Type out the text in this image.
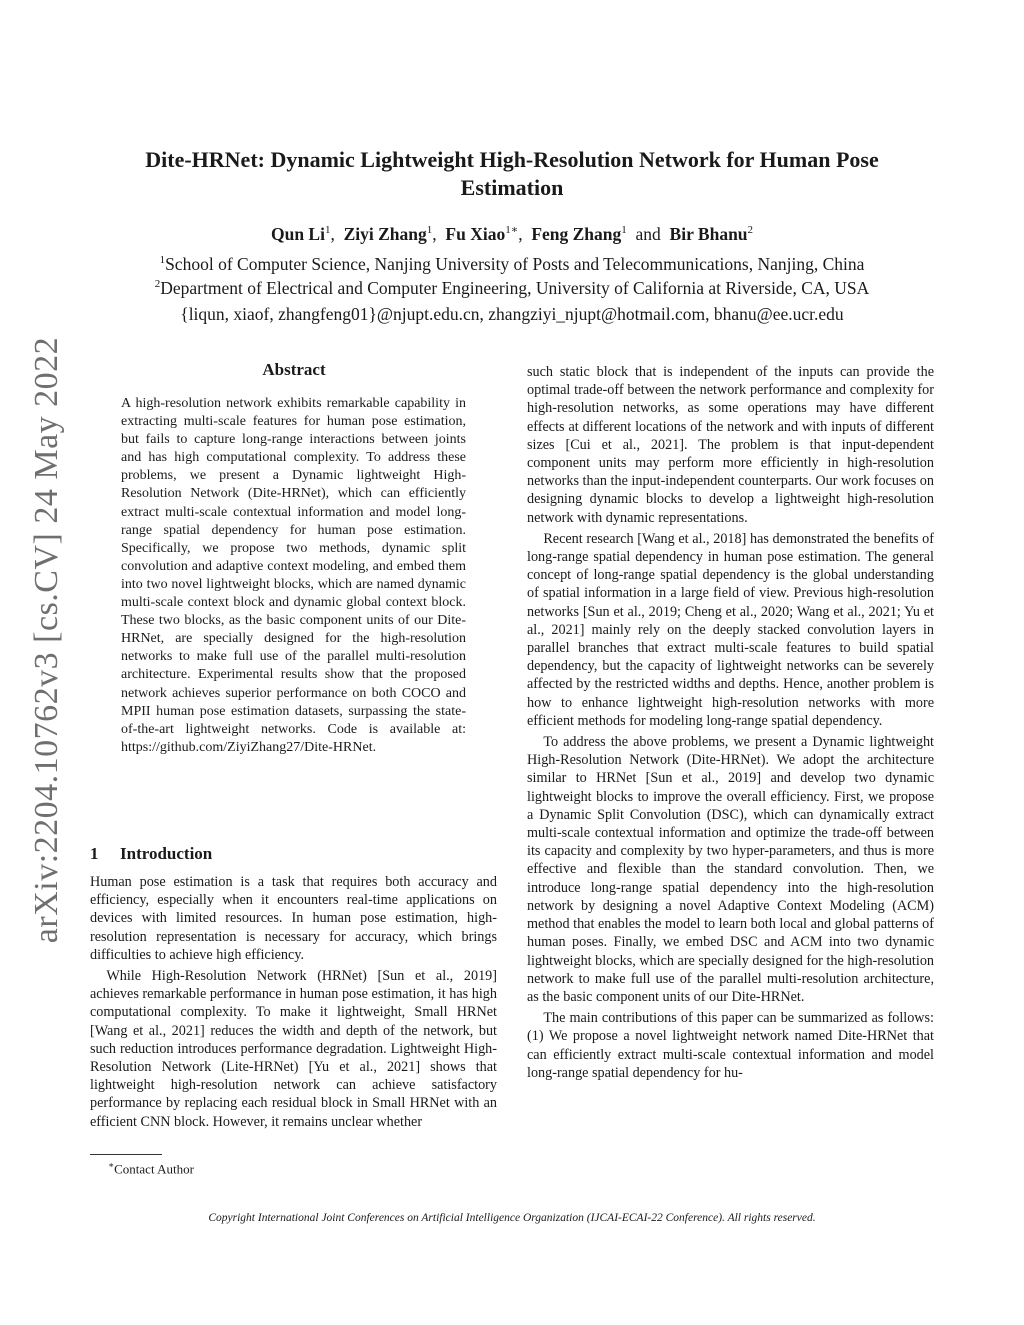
arXiv:2204.10762v3 [cs.CV] 24 May 2022
Dite-HRNet: Dynamic Lightweight High-Resolution Network for Human Pose Estimation
Qun Li$^1$, Ziyi Zhang$^1$, Fu Xiao$^{1∗}$, Feng Zhang$^1$ and Bir Bhanu$^2$
$^1$School of Computer Science, Nanjing University of Posts and Telecommunications, Nanjing, China
$^2$Department of Electrical and Computer Engineering, University of California at Riverside, CA, USA
{liqun, xiaof, zhangfeng01}@njupt.edu.cn, zhangziyi_njupt@hotmail.com, bhanu@ee.ucr.edu
Abstract
A high-resolution network exhibits remarkable capability in extracting multi-scale features for human pose estimation, but fails to capture long-range interactions between joints and has high computational complexity. To address these problems, we present a Dynamic lightweight High-Resolution Network (Dite-HRNet), which can efficiently extract multi-scale contextual information and model long-range spatial dependency for human pose estimation. Specifically, we propose two methods, dynamic split convolution and adaptive context modeling, and embed them into two novel lightweight blocks, which are named dynamic multi-scale context block and dynamic global context block. These two blocks, as the basic component units of our Dite-HRNet, are specially designed for the high-resolution networks to make full use of the parallel multi-resolution architecture. Experimental results show that the proposed network achieves superior performance on both COCO and MPII human pose estimation datasets, surpassing the state-of-the-art lightweight networks. Code is available at: https://github.com/ZiyiZhang27/Dite-HRNet.
1 Introduction

Human pose estimation is a task that requires both accuracy and efficiency, especially when it encounters real-time applications on devices with limited resources. In human pose estimation, high-resolution representation is necessary for accuracy, which brings difficulties to achieve high efficiency.

While High-Resolution Network (HRNet) [Sun et al., 2019] achieves remarkable performance in human pose estimation, it has high computational complexity. To make it lightweight, Small HRNet [Wang et al., 2021] reduces the width and depth of the network, but such reduction introduces performance degradation. Lightweight High-Resolution Network (Lite-HRNet) [Yu et al., 2021] shows that lightweight high-resolution network can achieve satisfactory performance by replacing each residual block in Small HRNet with an efficient CNN block. However, it remains unclear whether

∗Contact Author

such static block that is independent of the inputs can provide the optimal trade-off between the network performance and complexity for high-resolution networks, as some operations may have different effects at different locations of the network and with inputs of different sizes [Cui et al., 2021]. The problem is that input-dependent component units may perform more efficiently in high-resolution networks than the input-independent counterparts. Our work focuses on designing dynamic blocks to develop a lightweight high-resolution network with dynamic representations.

Recent research [Wang et al., 2018] has demonstrated the benefits of long-range spatial dependency in human pose estimation. The general concept of long-range spatial dependency is the global understanding of spatial information in a large field of view. Previous high-resolution networks [Sun et al., 2019; Cheng et al., 2020; Wang et al., 2021; Yu et al., 2021] mainly rely on the deeply stacked convolution layers in parallel branches that extract multi-scale features to build spatial dependency, but the capacity of lightweight networks can be severely affected by the restricted widths and depths. Hence, another problem is how to enhance lightweight high-resolution networks with more efficient methods for modeling long-range spatial dependency.

To address the above problems, we present a Dynamic lightweight High-Resolution Network (Dite-HRNet). We adopt the architecture similar to HRNet [Sun et al., 2019] and develop two dynamic lightweight blocks to improve the overall efficiency. First, we propose a Dynamic Split Convolution (DSC), which can dynamically extract multi-scale contextual information and optimize the trade-off between its capacity and complexity by two hyper-parameters, and thus is more effective and flexible than the standard convolution. Then, we introduce long-range spatial dependency into the high-resolution network by designing a novel Adaptive Context Modeling (ACM) method that enables the model to learn both local and global patterns of human poses. Finally, we embed DSC and ACM into two dynamic lightweight blocks, which are specially designed for the high-resolution network to make full use of the parallel multi-resolution architecture, as the basic component units of our Dite-HRNet.

The main contributions of this paper can be summarized as follows: (1) We propose a novel lightweight network named Dite-HRNet that can efficiently extract multi-scale contextual information and model long-range spatial dependency for hu-

Copyright International Joint Conferences on Artificial Intelligence Organization (IJCAI-ECAI-22 Conference). All rights reserved.
